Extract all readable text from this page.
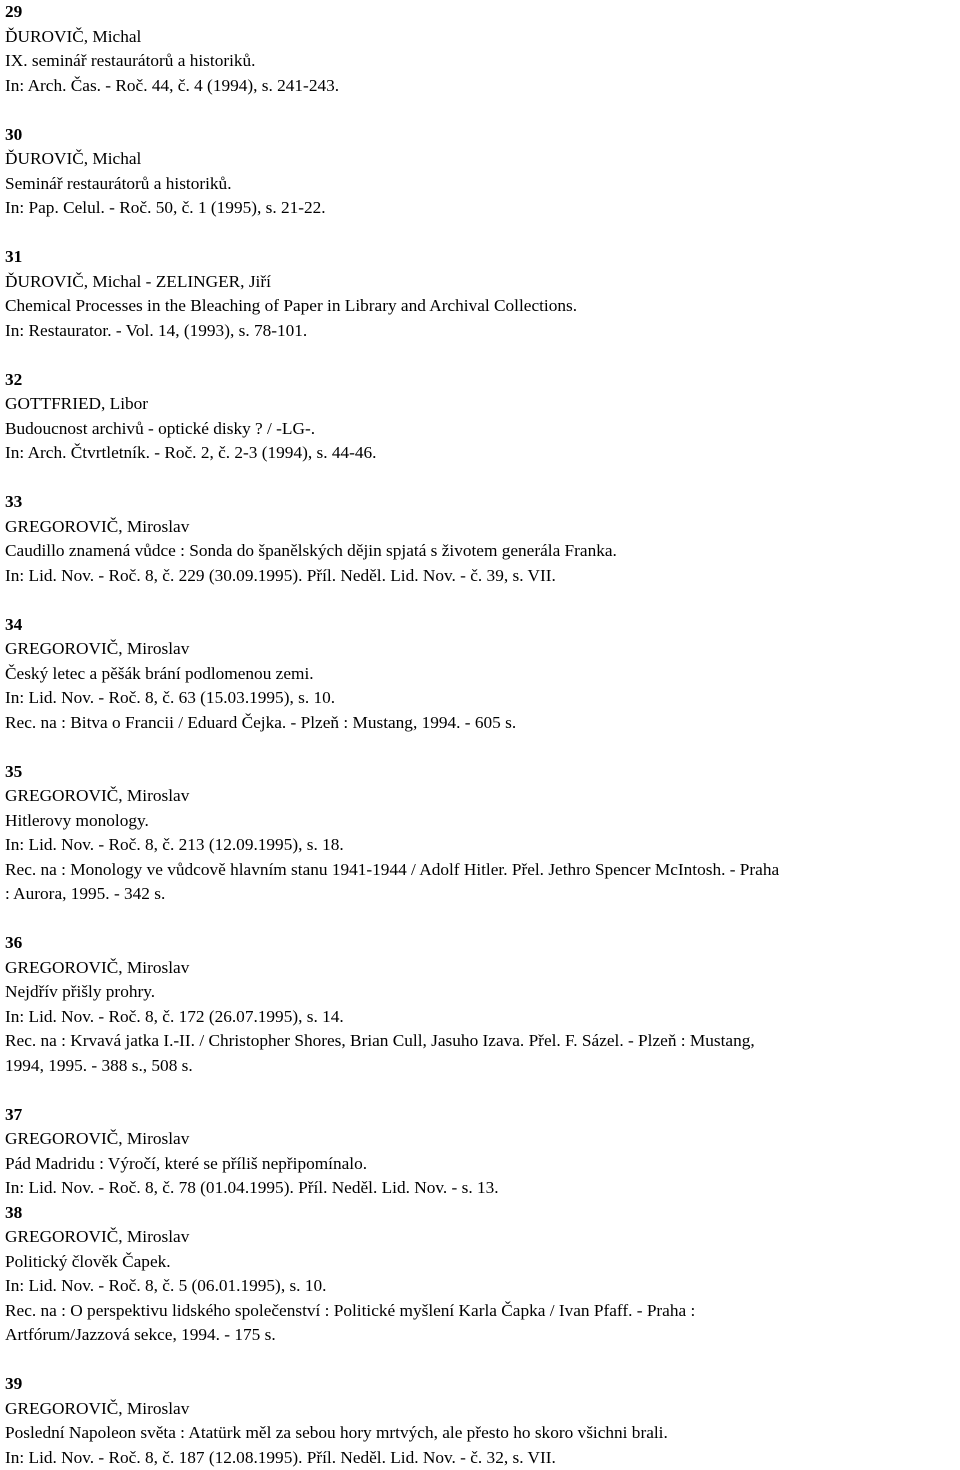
29
ĎUROVIČ, Michal
IX. seminář restaurátorů a historiků.
In: Arch. Čas. - Roč. 44, č. 4 (1994), s. 241-243.
30
ĎUROVIČ, Michal
Seminář restaurátorů a historiků.
In: Pap. Celul. - Roč. 50, č. 1 (1995), s. 21-22.
31
ĎUROVIČ, Michal - ZELINGER, Jiří
Chemical Processes in the Bleaching of Paper in Library and Archival Collections.
In: Restaurator. - Vol. 14, (1993), s. 78-101.
32
GOTTFRIED, Libor
Budoucnost archivů - optické disky ? / -LG-.
In: Arch. Čtvrtletník. - Roč. 2, č. 2-3 (1994), s. 44-46.
33
GREGOROVIČ, Miroslav
Caudillo znamená vůdce : Sonda do španělských dějin spjatá s životem generála Franka.
In: Lid. Nov. - Roč. 8, č. 229 (30.09.1995). Příl. Neděl. Lid. Nov. - č. 39, s. VII.
34
GREGOROVIČ, Miroslav
Český letec a pěšák brání podlomenou zemi.
In: Lid. Nov. - Roč. 8, č. 63 (15.03.1995), s. 10.
Rec. na : Bitva o Francii / Eduard Čejka. - Plzeň : Mustang, 1994. - 605 s.
35
GREGOROVIČ, Miroslav
Hitlerovy monology.
In: Lid. Nov. - Roč. 8, č. 213 (12.09.1995), s. 18.
Rec. na : Monology ve vůdcově hlavním stanu 1941-1944 / Adolf Hitler. Přel. Jethro Spencer McIntosh. - Praha
: Aurora, 1995. - 342 s.
36
GREGOROVIČ, Miroslav
Nejdřív přišly prohry.
In: Lid. Nov. - Roč. 8, č. 172 (26.07.1995), s. 14.
Rec. na : Krvavá jatka I.-II. / Christopher Shores, Brian Cull, Jasuho Izava. Přel. F. Sázel. - Plzeň : Mustang,
1994, 1995. - 388 s., 508 s.
37
GREGOROVIČ, Miroslav
Pád Madridu : Výročí, které se příliš nepřipomínalo.
In: Lid. Nov. - Roč. 8, č. 78 (01.04.1995). Příl. Neděl. Lid. Nov. - s. 13.
38
GREGOROVIČ, Miroslav
Politický člověk Čapek.
In: Lid. Nov. - Roč. 8, č. 5 (06.01.1995), s. 10.
Rec. na : O perspektivu lidského společenství : Politické myšlení Karla Čapka / Ivan Pfaff. - Praha :
Artfórum/Jazzová sekce, 1994. - 175 s.
39
GREGOROVIČ, Miroslav
Poslední Napoleon světa : Atatürk měl za sebou hory mrtvých, ale přesto ho skoro všichni brali.
In: Lid. Nov. - Roč. 8, č. 187 (12.08.1995). Příl. Neděl. Lid. Nov. - č. 32, s. VII.
